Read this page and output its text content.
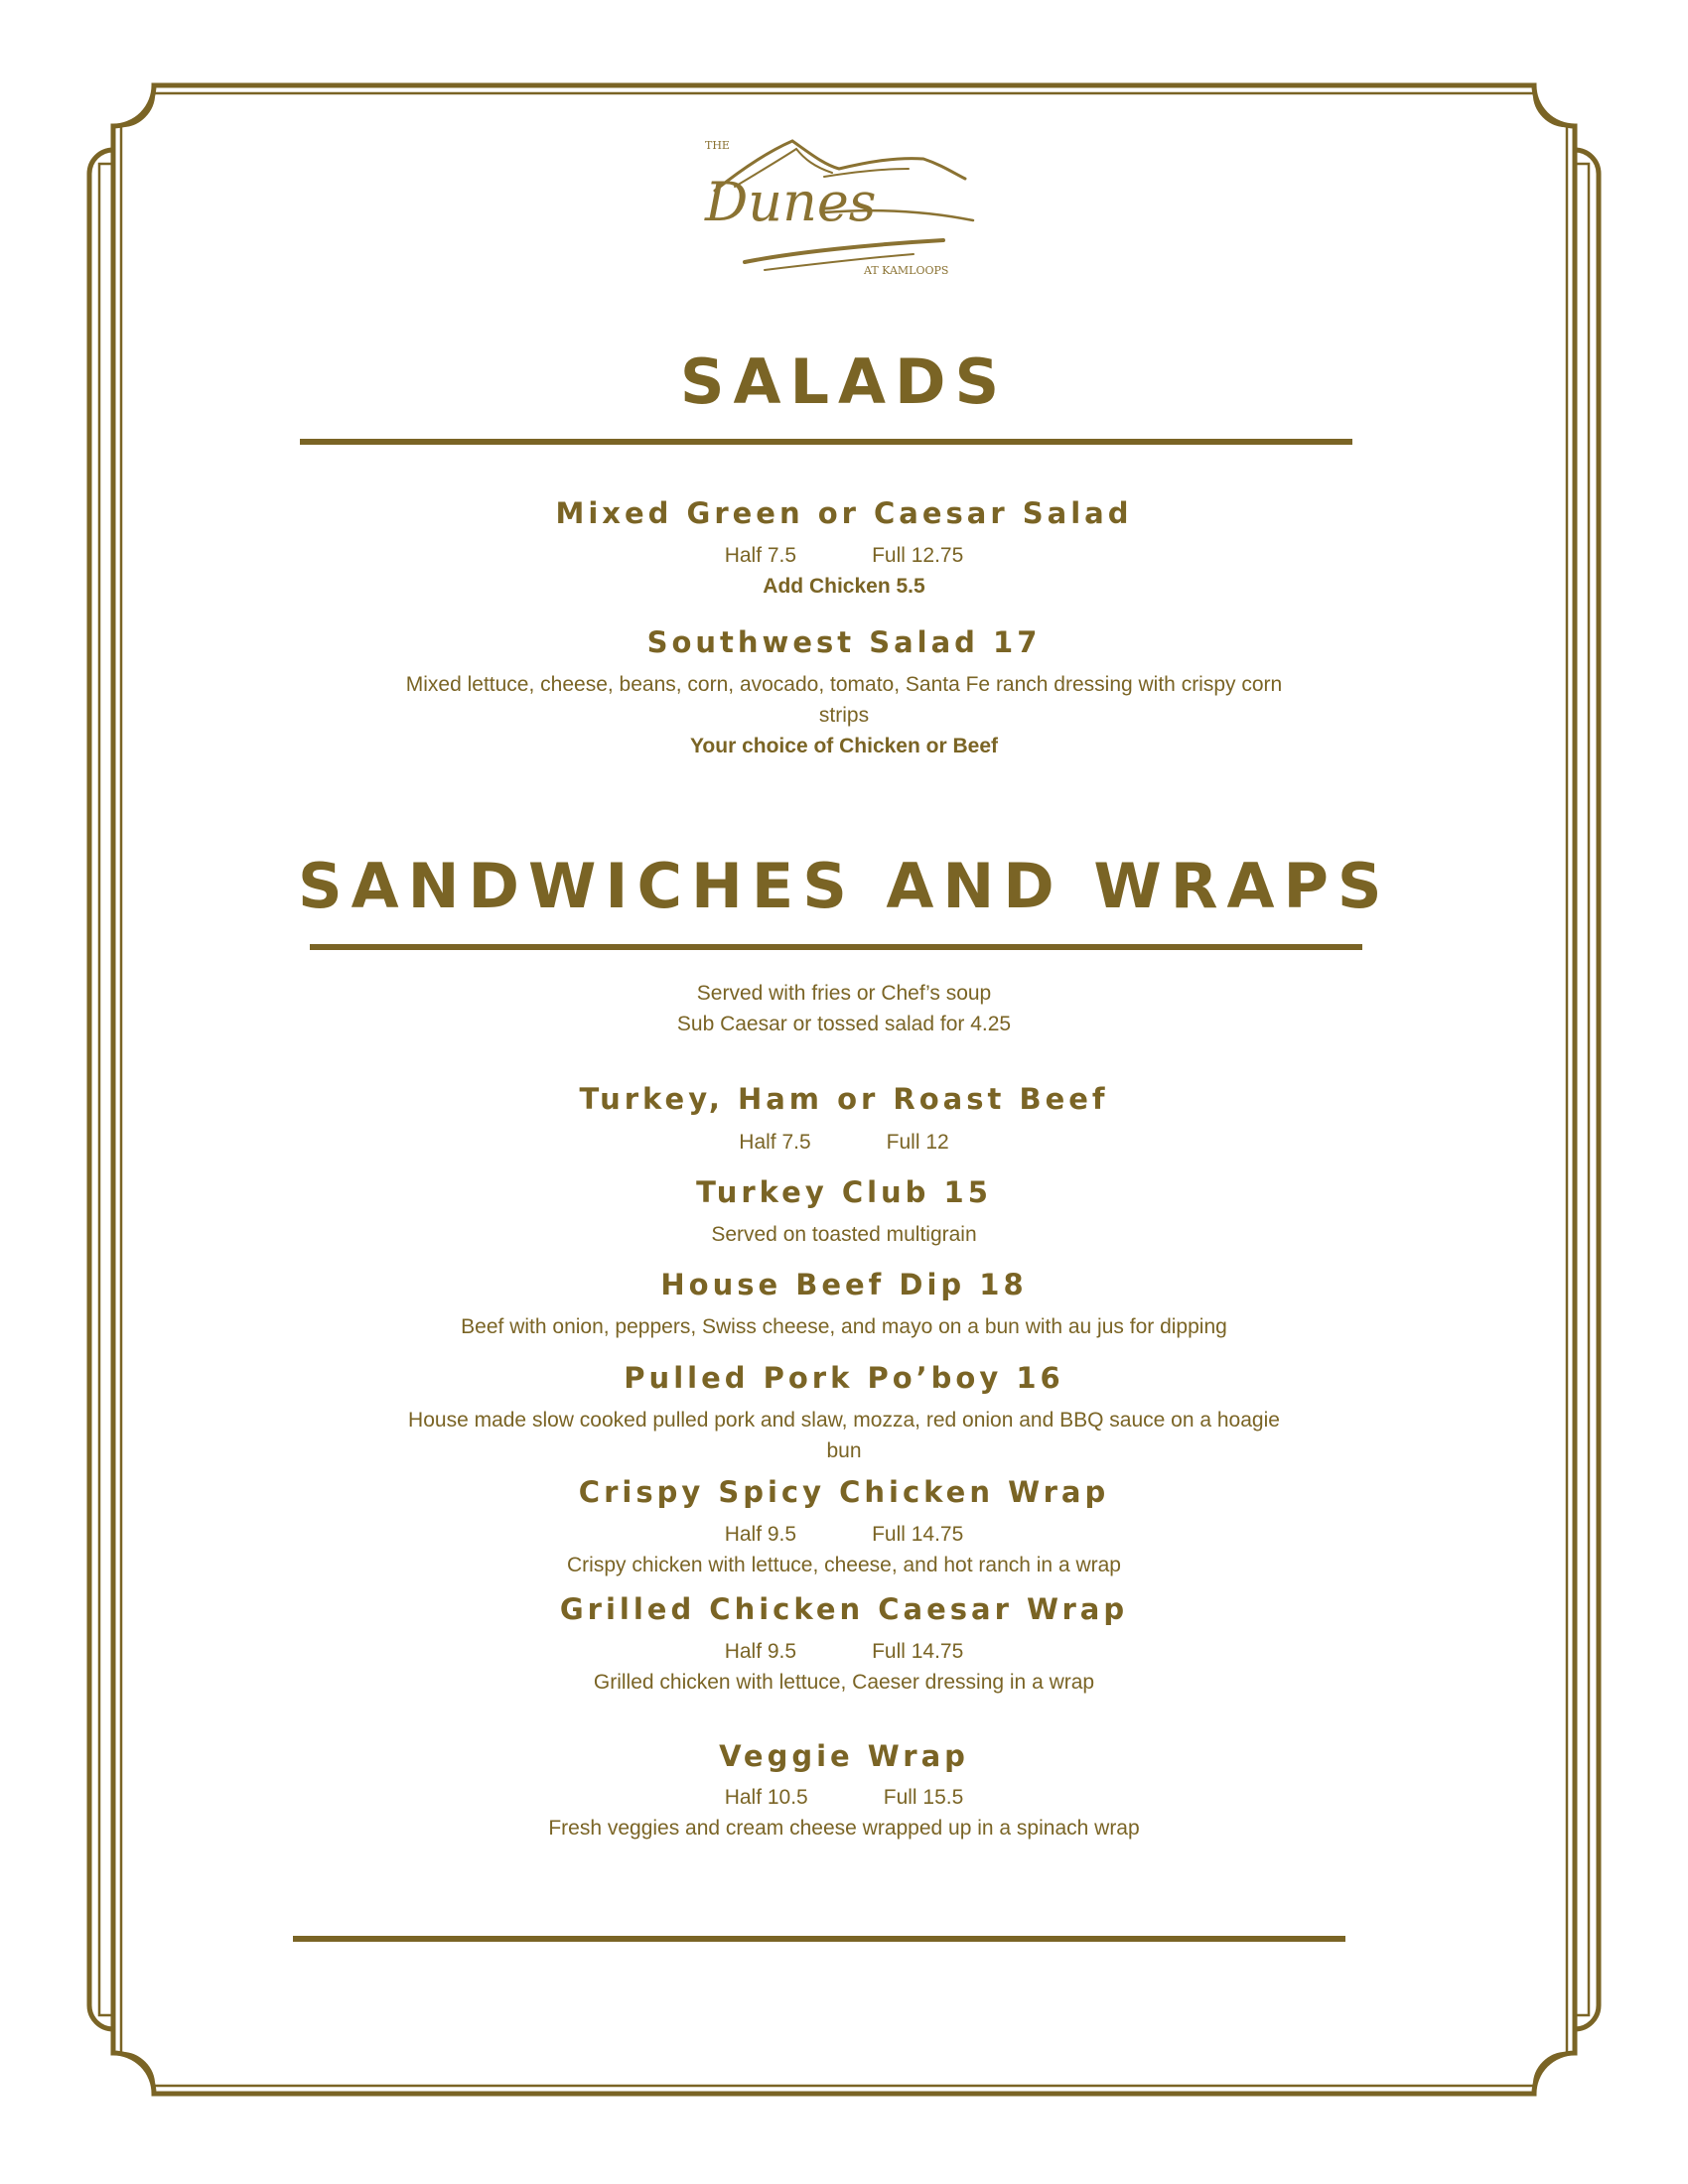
THE
Dunes
AT KAMLOOPS
SALADS
Mixed Green or Caesar Salad
Half 7.5	Full 12.75
Add Chicken 5.5
Southwest Salad 17
Mixed lettuce, cheese, beans, corn, avocado, tomato, Santa Fe ranch dressing with crispy corn
strips
Your choice of Chicken or Beef
SANDWICHES AND WRAPS
Served with fries or Chef’s soup
Sub Caesar or tossed salad for 4.25
Turkey, Ham or Roast Beef
Half 7.5	Full 12
Turkey Club 15
Served on toasted multigrain
House Beef Dip 18
Beef with onion, peppers, Swiss cheese, and mayo on a bun with au jus for dipping
Pulled Pork Po’boy 16
House made slow cooked pulled pork and slaw, mozza, red onion and BBQ sauce on a hoagie
bun
Crispy Spicy Chicken Wrap
Half 9.5	Full 14.75
Crispy chicken with lettuce, cheese, and hot ranch in a wrap
Grilled Chicken Caesar Wrap
Half 9.5	Full 14.75
Grilled chicken with lettuce, Caeser dressing in a wrap
Veggie Wrap
Half 10.5	Full 15.5
Fresh veggies and cream cheese wrapped up in a spinach wrap
